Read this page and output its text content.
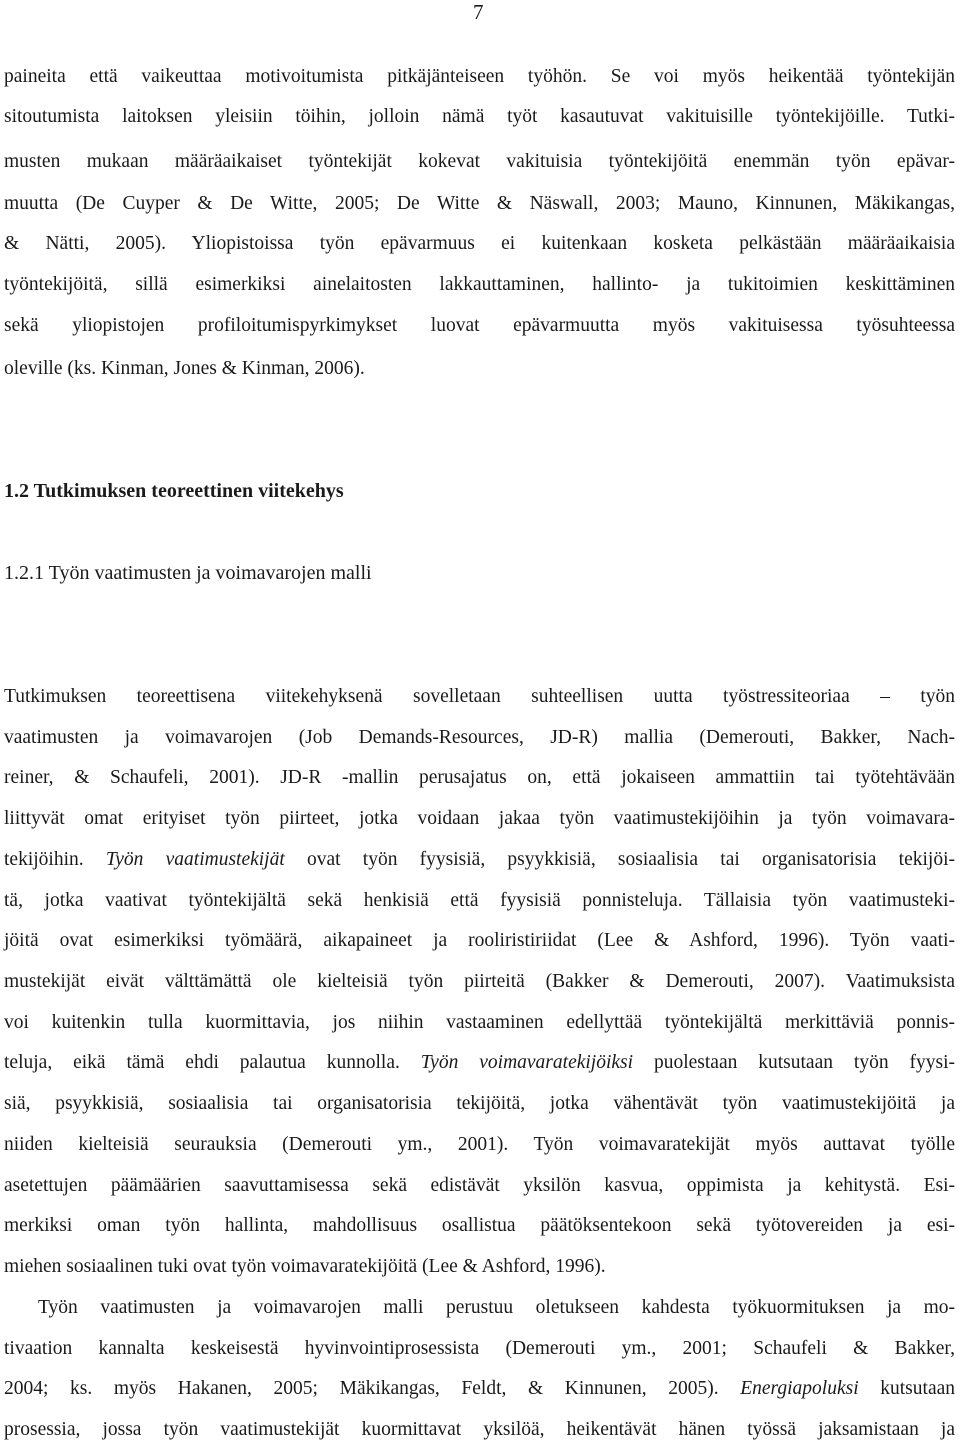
7
paineita että vaikeuttaa motivoitumista pitkäjänteiseen työhön. Se voi myös heikentää työntekijän
sitoutumista laitoksen yleisiin töihin, jolloin nämä työt kasautuvat vakituisille työntekijöille. Tutki-
musten mukaan määräaikaiset työntekijät kokevat vakituisia työntekijöitä enemmän työn epävar-
muutta (De Cuyper & De Witte, 2005; De Witte & Näswall, 2003; Mauno, Kinnunen, Mäkikangas,
& Nätti, 2005). Yliopistoissa työn epävarmuus ei kuitenkaan kosketa pelkästään määräaikaisia
työntekijöitä, sillä esimerkiksi ainelaitosten lakkauttaminen, hallinto- ja tukitoimien keskittäminen
sekä yliopistojen profiloitumispyrkimykset luovat epävarmuutta myös vakituisessa työsuhteessa
oleville (ks. Kinman, Jones & Kinman, 2006).
1.2 Tutkimuksen teoreettinen viitekehys
1.2.1 Työn vaatimusten ja voimavarojen malli
Tutkimuksen teoreettisena viitekehyksenä sovelletaan suhteellisen uutta työstressiteoriaa – työn
vaatimusten ja voimavarojen (Job Demands-Resources, JD-R) mallia (Demerouti, Bakker, Nach-
reiner, & Schaufeli, 2001). JD-R -mallin perusajatus on, että jokaiseen ammattiin tai työtehtävään
liittyvät omat erityiset työn piirteet, jotka voidaan jakaa työn vaatimustekijöihin ja työn voimavara-
tekijöihin. Työn vaatimustekijät ovat työn fyysisiä, psyykkisiä, sosiaalisia tai organisatorisia tekijöi-
tä, jotka vaativat työntekijältä sekä henkisiä että fyysisiä ponnisteluja. Tällaisia työn vaatimusteki-
jöitä ovat esimerkiksi työmäärä, aikapaineet ja rooliristiriidat (Lee & Ashford, 1996). Työn vaati-
mustekijät eivät välttämättä ole kielteisiä työn piirteitä (Bakker & Demerouti, 2007). Vaatimuksista
voi kuitenkin tulla kuormittavia, jos niihin vastaaminen edellyttää työntekijältä merkittäviä ponnis-
teluja, eikä tämä ehdi palautua kunnolla. Työn voimavaratekijöiksi puolestaan kutsutaan työn fyysi-
siä, psyykkisiä, sosiaalisia tai organisatorisia tekijöitä, jotka vähentävät työn vaatimustekijöitä ja
niiden kielteisiä seurauksia (Demerouti ym., 2001). Työn voimavaratekijät myös auttavat työlle
asetettujen päämäärien saavuttamisessa sekä edistävät yksilön kasvua, oppimista ja kehitystä. Esi-
merkiksi oman työn hallinta, mahdollisuus osallistua päätöksentekoon sekä työtovereiden ja esi-
miehen sosiaalinen tuki ovat työn voimavaratekijöitä (Lee & Ashford, 1996).
Työn vaatimusten ja voimavarojen malli perustuu oletukseen kahdesta työkuormituksen ja mo-
tivaation kannalta keskeisestä hyvinvointiprosessista (Demerouti ym., 2001; Schaufeli & Bakker,
2004; ks. myös Hakanen, 2005; Mäkikangas, Feldt, & Kinnunen, 2005). Energiapoluksi kutsutaan
prosessia, jossa työn vaatimustekijät kuormittavat yksilöä, heikentävät hänen työssä jaksamistaan ja
